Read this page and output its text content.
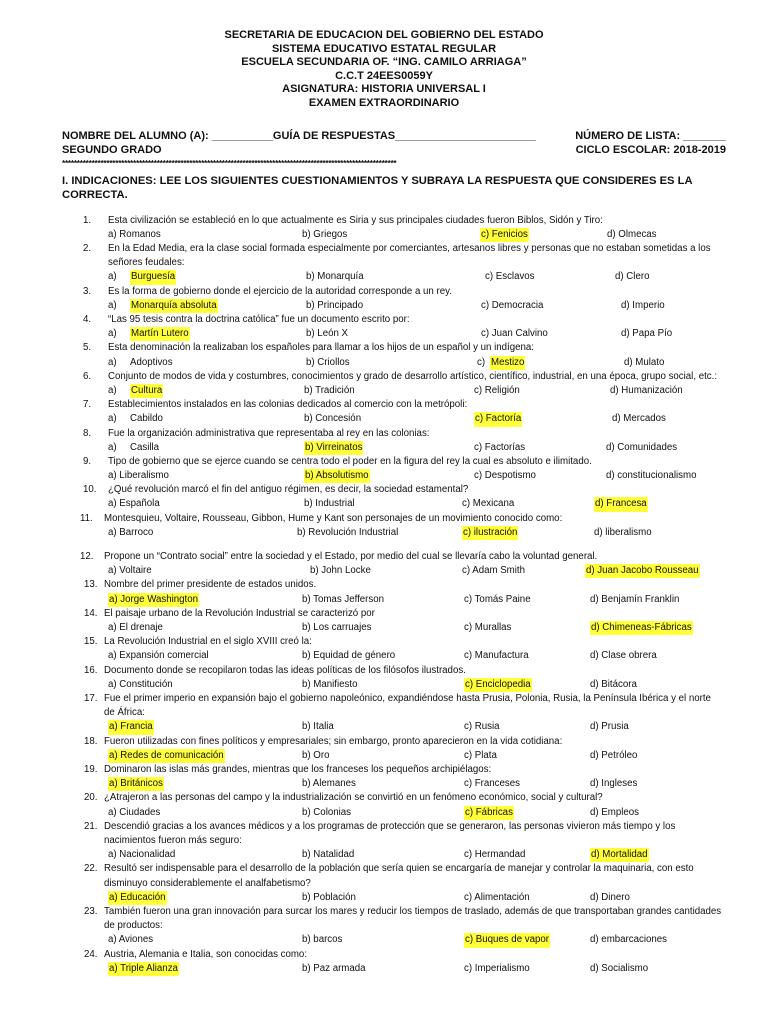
SECRETARIA DE EDUCACION DEL GOBIERNO DEL ESTADO
SISTEMA EDUCATIVO ESTATAL REGULAR
ESCUELA SECUNDARIA OF. “ING. CAMILO ARRIAGA”
C.C.T 24EES0059Y
ASIGNATURA: HISTORIA UNIVERSAL I
EXAMEN EXTRAORDINARIO
NOMBRE DEL ALUMNO (A): __________GUÍA DE RESPUESTAS_______________________	NÚMERO DE LISTA: _______
SEGUNDO GRADO	CICLO ESCOLAR: 2018-2019
*****************************************************************************************************************
I. INDICACIONES: LEE LOS SIGUIENTES CUESTIONAMIENTOS Y SUBRAYA LA RESPUESTA QUE CONSIDERES ES LA CORRECTA.
1. Esta civilización se estableció en lo que actualmente es Siria y sus principales ciudades fueron Biblos, Sidón y Tiro:
a) Romanos	b) Griegos	c) Fenicios	d) Olmecas
2. En la Edad Media, era la clase social formada especialmente por comerciantes, artesanos libres y personas que no estaban sometidas a los señores feudales:
a) Burguesía	b) Monarquía	c) Esclavos	d) Clero
3. Es la forma de gobierno donde el ejercicio de la autoridad corresponde a un rey.
a) Monarquía absoluta	b) Principado	c) Democracia	d) Imperio
4. “Las 95 tesis contra la doctrina católica” fue un documento escrito por:
a) Martín Lutero	b) León X	c) Juan Calvino	d) Papa Pío
5. Esta denominación la realizaban los españoles para llamar a los hijos de un español y un indígena:
a) Adoptivos	b) Criollos	c) Mestizo	d) Mulato
6. Conjunto de modos de vida y costumbres, conocimientos y grado de desarrollo artístico, científico, industrial, en una época, grupo social, etc.:
a) Cultura	b) Tradición	c) Religión	d) Humanización
7. Establecimientos instalados en las colonias dedicados al comercio con la metrópoli:
a) Cabildo	b) Concesión	c) Factoría	d) Mercados
8. Fue la organización administrativa que representaba al rey en las colonias:
a) Casilla	b) Virreinatos	c) Factorías	d) Comunidades
9. Tipo de gobierno que se ejerce cuando se centra todo el poder en la figura del rey la cual es absoluto e ilimitado.
a) Liberalismo	b) Absolutismo	c) Despotismo	d) constitucionalismo
10. ¿Qué revolución marcó el fin del antiguo régimen, es decir, la sociedad estamental?
a) Española	b) Industrial	c) Mexicana	d) Francesa
11. Montesquieu, Voltaire, Rousseau, Gibbon, Hume y Kant son personajes de un movimiento conocido como:
a) Barroco	b) Revolución Industrial	c) ilustración	d) liberalismo
12. Propone un “Contrato social” entre la sociedad y el Estado, por medio del cual se llevaría cabo la voluntad general.
a) Voltaire	b) John Locke	c) Adam Smith	d) Juan Jacobo Rousseau
13. Nombre del primer presidente de estados unidos.
a) Jorge Washington	b) Tomas Jefferson	c) Tomás Paine	d) Benjamín Franklin
14. El paisaje urbano de la Revolución Industrial se caracterizó por
a) El drenaje	b) Los carruajes	c) Murallas	d) Chimeneas-Fábricas
15. La Revolución Industrial en el siglo XVIII creó la:
a) Expansión comercial	b) Equidad de género	c) Manufactura	d) Clase obrera
16. Documento donde se recopilaron todas las ideas políticas de los filósofos ilustrados.
a) Constitución	b) Manifiesto	c) Enciclopedia	d) Bitácora
17. Fue el primer imperio en expansión bajo el gobierno napoleónico, expandiéndose hasta Prusia, Polonia, Rusia, la Península Ibérica y el norte de África:
a) Francia	b) Italia	c) Rusia	d) Prusia
18. Fueron utilizadas con fines políticos y empresariales; sin embargo, pronto aparecieron en la vida cotidiana:
a) Redes de comunicación	b) Oro	c) Plata	d) Petróleo
19. Dominaron las islas más grandes, mientras que los franceses los pequeños archipiélagos:
a) Británicos	b) Alemanes	c) Franceses	d) Ingleses
20. ¿Atrajeron a las personas del campo y la industrialización se convirtió en un fenómeno económico, social y cultural?
a) Ciudades	b) Colonias	c) Fábricas	d) Empleos
21. Descendió gracias a los avances médicos y a los programas de protección que se generaron, las personas vivieron más tiempo y los nacimientos fueron más seguro:
a) Nacionalidad	b) Natalidad	c) Hermandad	d) Mortalidad
22. Resultó ser indispensable para el desarrollo de la población que sería quien se encargaría de manejar y controlar la maquinaria, con esto disminuyo considerablemente el analfabetismo?
a) Educación	b) Población	c) Alimentación	d) Dinero
23. También fueron una gran innovación para surcar los mares y reducir los tiempos de traslado, además de que transportaban grandes cantidades de productos:
a) Aviones	b) barcos	c) Buques de vapor	d) embarcaciones
24. Austria, Alemania e Italia, son conocidas como:
a) Triple Alianza	b) Paz armada	c) Imperialismo	d) Socialismo
